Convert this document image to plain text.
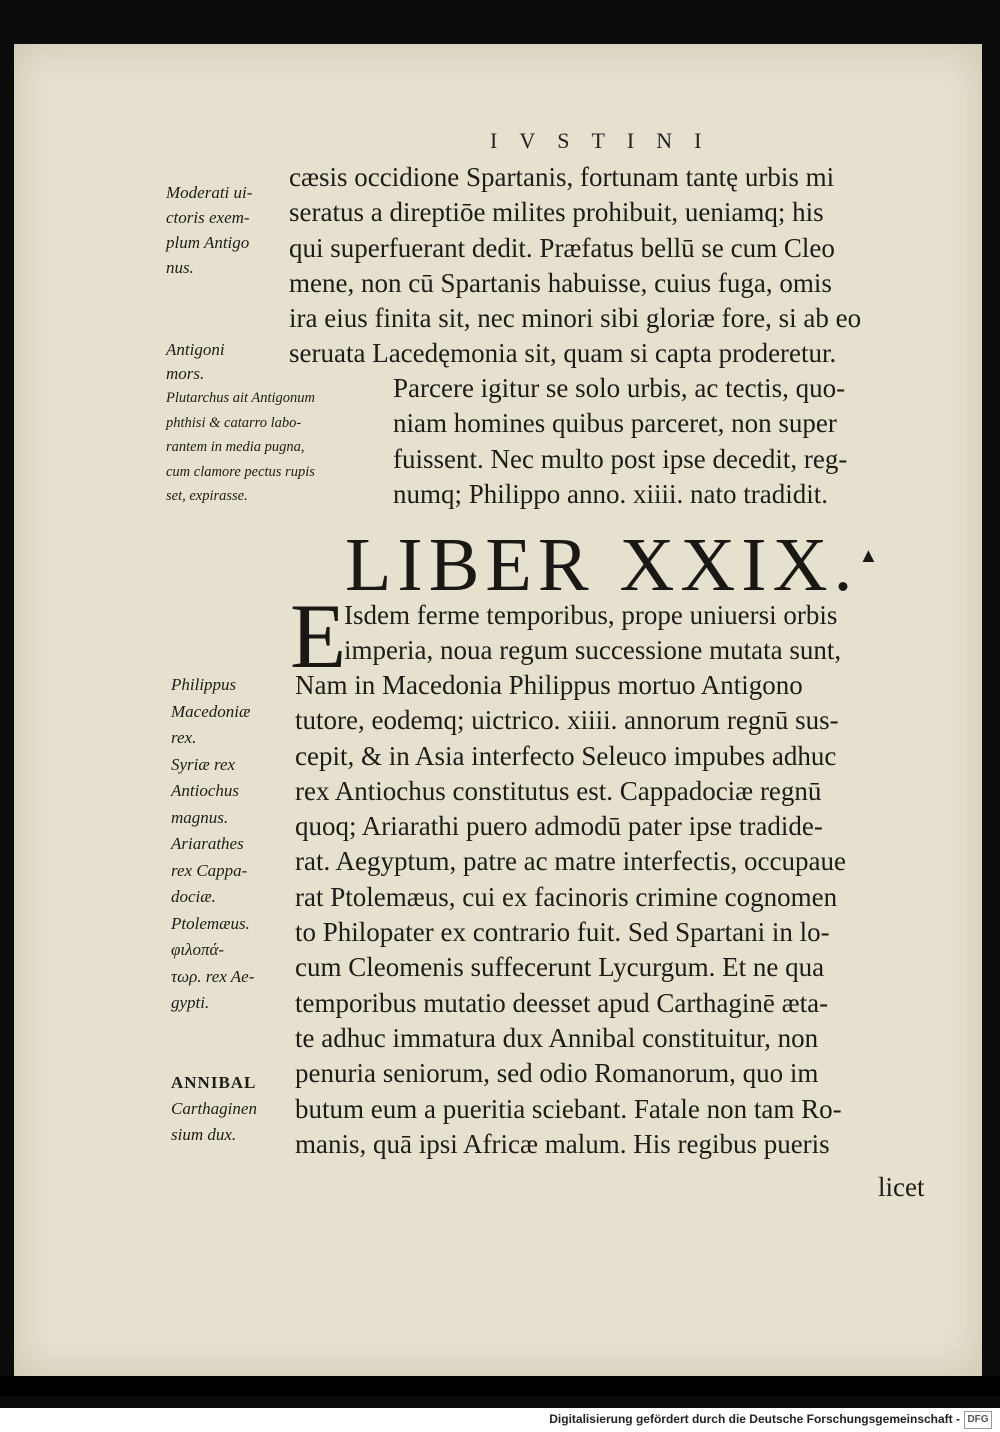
IVSTINI
Moderati ui-
ctoris exem-
plum Antigo
nus.
Antigoni
mors.
Plutarchus ait Antigonum
phthisi & catarro labo-
rantem in media pugna,
cum clamore pectus rupis
set, expirasse.
cæsis occidione Spartanis, fortunam tantę urbis mi
seratus a direptiōe milites prohibuit, ueniamq; his
qui superfuerant dedit. Præfatus bellū se cum Cleo
mene, non cū Spartanis habuisse, cuius fuga, omis
ira eius finita sit, nec minori sibi gloriæ fore, si ab eo
seruata Lacedęmonia sit, quam si capta proderetur.
Parcere igitur se solo urbis, ac tectis, quo-
niam homines quibus parceret, non super
fuissent. Nec multo post ipse decedit, reg-
numq; Philippo anno. xiiii. nato tradidit.
LIBER XXIX.▲
E
Isdem ferme temporibus, prope uniuersi orbis
imperia, noua regum successione mutata sunt,
Philippus
Macedoniæ
rex.
Syriæ rex
Antiochus
magnus.
Ariarathes
rex Cappa-
dociæ.
Ptolemæus.
φιλοπά-
τωρ. rex Ae-
gypti.
Nam in Macedonia Philippus mortuo Antigono
tutore, eodemq; uictrico. xiiii. annorum regnū sus-
cepit, & in Asia interfecto Seleuco impubes adhuc
rex Antiochus constitutus est. Cappadociæ regnū
quoq; Ariarathi puero admodū pater ipse tradide-
rat. Aegyptum, patre ac matre interfectis, occupaue
rat Ptolemæus, cui ex facinoris crimine cognomen
to Philopater ex contrario fuit. Sed Spartani in lo-
cum Cleomenis suffecerunt Lycurgum. Et ne qua
temporibus mutatio deesset apud Carthaginē æta-
te adhuc immatura dux Annibal constituitur, non
penuria seniorum, sed odio Romanorum, quo im
butum eum a pueritia sciebant. Fatale non tam Ro-
manis, quā ipsi Africæ malum. His regibus pueris
ANNIBAL
Carthaginen
sium dux.
licet
Digitalisierung gefördert durch die Deutsche Forschungsgemeinschaft - DFG
